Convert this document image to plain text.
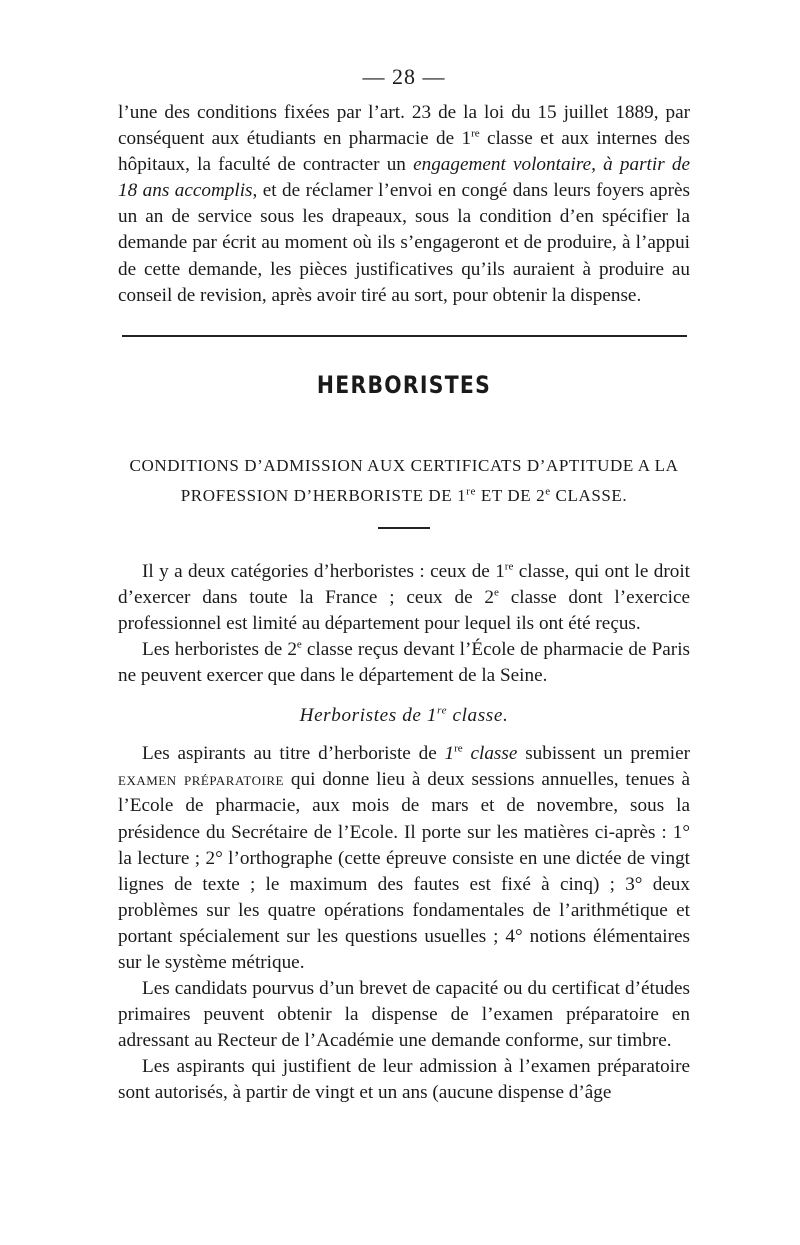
— 28 —

l’une des conditions fixées par l’art. 23 de la loi du 15 juillet 1889, par conséquent aux étudiants en pharmacie de 1re classe et aux internes des hôpitaux, la faculté de contracter un engagement volontaire, à partir de 18 ans accomplis, et de réclamer l’envoi en congé dans leurs foyers après un an de service sous les drapeaux, sous la condition d’en spécifier la demande par écrit au moment où ils s’engageront et de produire, à l’appui de cette demande, les pièces justificatives qu’ils auraient à produire au conseil de revision, après avoir tiré au sort, pour obtenir la dispense.

HERBORISTES
CONDITIONS D’ADMISSION AUX CERTIFICATS D’APTITUDE A LA
PROFESSION D’HERBORISTE DE 1re ET DE 2e CLASSE.

Il y a deux catégories d’herboristes : ceux de 1re classe, qui ont le droit d’exercer dans toute la France ; ceux de 2e classe dont l’exercice professionnel est limité au département pour lequel ils ont été reçus.

Les herboristes de 2e classe reçus devant l’École de pharmacie de Paris ne peuvent exercer que dans le département de la Seine.

Herboristes de 1re classe.

Les aspirants au titre d’herboriste de 1re classe subissent un premier examen préparatoire qui donne lieu à deux sessions annuelles, tenues à l’Ecole de pharmacie, aux mois de mars et de novembre, sous la présidence du Secrétaire de l’Ecole. Il porte sur les matières ci-après : 1° la lecture ; 2° l’orthographe (cette épreuve consiste en une dictée de vingt lignes de texte ; le maximum des fautes est fixé à cinq) ; 3° deux problèmes sur les quatre opérations fondamentales de l’arithmétique et portant spécialement sur les questions usuelles ; 4° notions élémentaires sur le système métrique.

Les candidats pourvus d’un brevet de capacité ou du certificat d’études primaires peuvent obtenir la dispense de l’examen préparatoire en adressant au Recteur de l’Académie une demande conforme, sur timbre.

Les aspirants qui justifient de leur admission à l’examen préparatoire sont autorisés, à partir de vingt et un ans (aucune dispense d’âge
